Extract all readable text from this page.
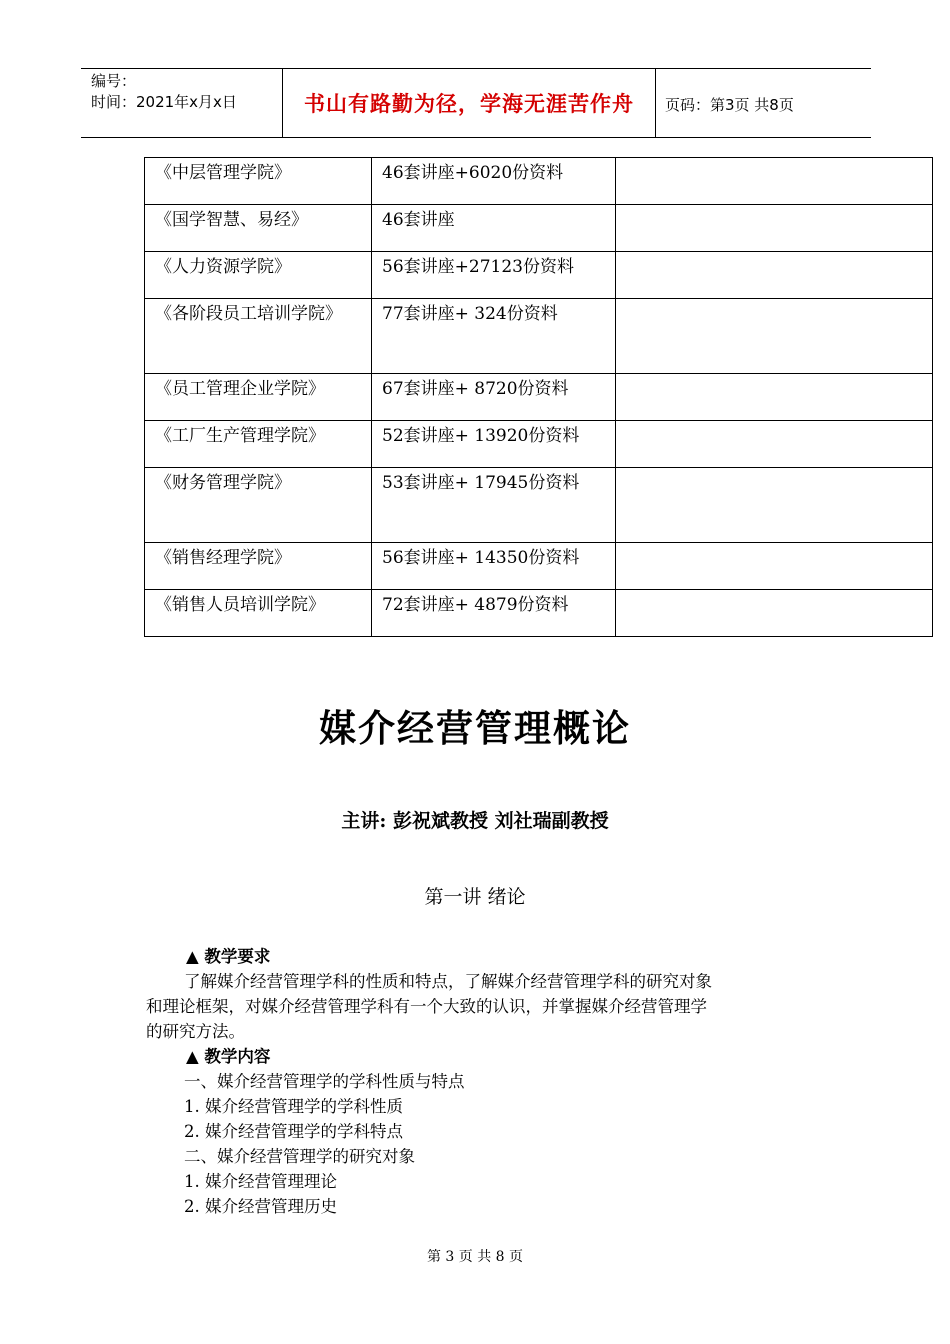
编号：
时间：2021年x月x日	书山有路勤为径，学海无涯苦作舟	页码：第3页 共8页
《中层管理学院》	46套讲座+6020份资料	

《国学智慧、易经》	46套讲座	

《人力资源学院》	56套讲座+27123份资料	

《各阶段员工培训学院》	77套讲座+ 324份资料	

《员工管理企业学院》	67套讲座+ 8720份资料	

《工厂生产管理学院》	52套讲座+ 13920份资料	

《财务管理学院》	53套讲座+ 17945份资料	

《销售经理学院》	56套讲座+ 14350份资料	

《销售人员培训学院》	72套讲座+ 4879份资料	

媒介经营管理概论
主讲: 彭祝斌教授 刘社瑞副教授
第一讲 绪论

▲ 教学要求

了解媒介经营管理学科的性质和特点，了解媒介经营管理学科的研究对象

和理论框架，对媒介经营管理学科有一个大致的认识，并掌握媒介经营管理学

的研究方法。

▲ 教学内容

一、媒介经营管理学的学科性质与特点

1. 媒介经营管理学的学科性质

2. 媒介经营管理学的学科特点

二、媒介经营管理学的研究对象

1. 媒介经营管理理论

2. 媒介经营管理历史

第 3 页 共 8 页
